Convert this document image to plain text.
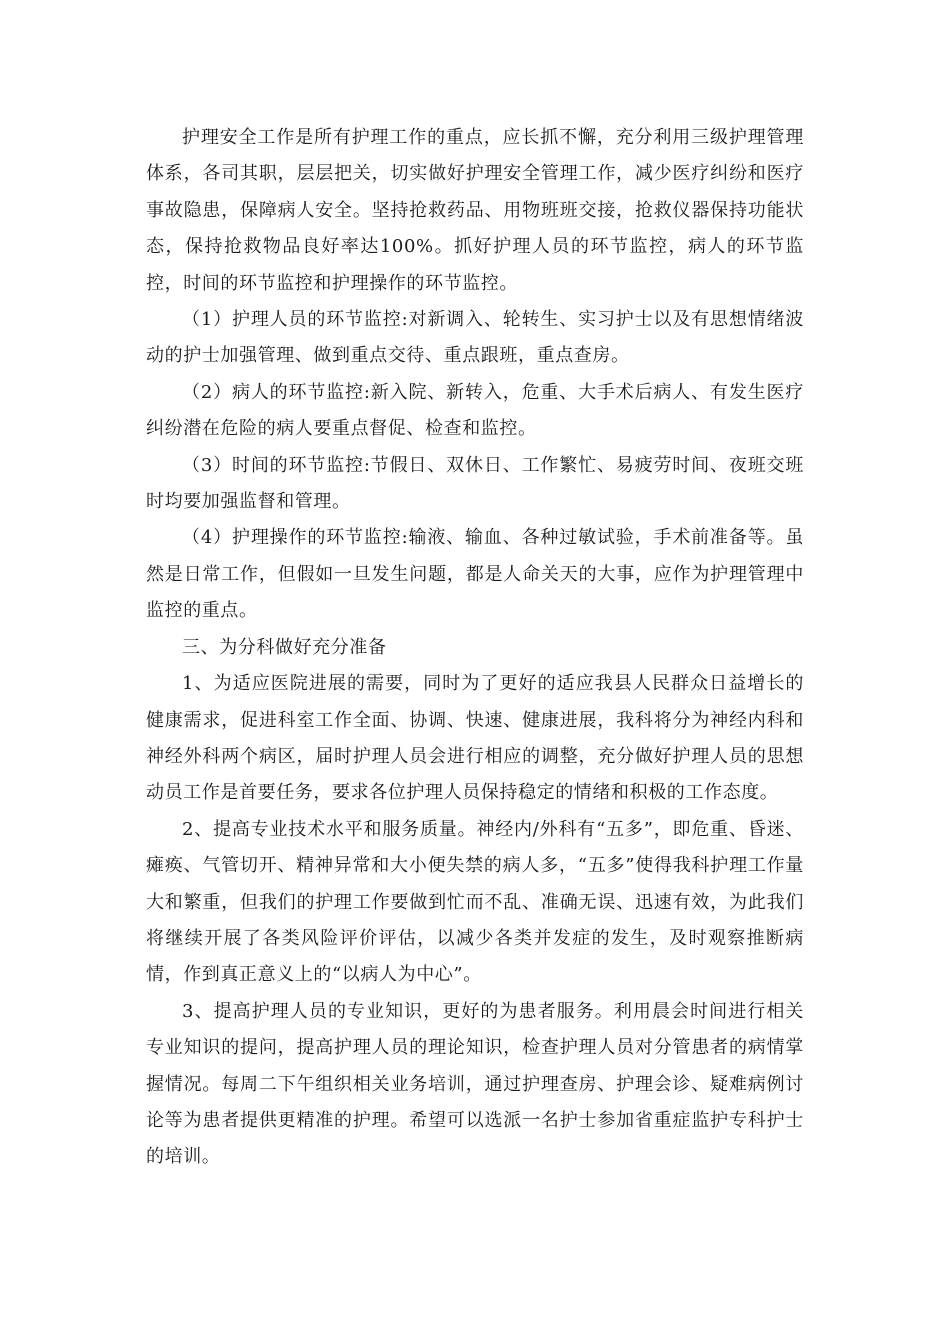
护理安全工作是所有护理工作的重点，应长抓不懈，充分利用三级护理管理体系，各司其职，层层把关，切实做好护理安全管理工作，减少医疗纠纷和医疗事故隐患，保障病人安全。坚持抢救药品、用物班班交接，抢救仪器保持功能状态，保持抢救物品良好率达100%。抓好护理人员的环节监控，病人的环节监控，时间的环节监控和护理操作的环节监控。

（1）护理人员的环节监控:对新调入、轮转生、实习护士以及有思想情绪波动的护士加强管理、做到重点交待、重点跟班，重点查房。

（2）病人的环节监控:新入院、新转入，危重、大手术后病人、有发生医疗纠纷潜在危险的病人要重点督促、检查和监控。

（3）时间的环节监控:节假日、双休日、工作繁忙、易疲劳时间、夜班交班时均要加强监督和管理。

（4）护理操作的环节监控:输液、输血、各种过敏试验，手术前准备等。虽然是日常工作，但假如一旦发生问题，都是人命关天的大事，应作为护理管理中监控的重点。

三、为分科做好充分准备

1、为适应医院进展的需要，同时为了更好的适应我县人民群众日益增长的健康需求，促进科室工作全面、协调、快速、健康进展，我科将分为神经内科和神经外科两个病区，届时护理人员会进行相应的调整，充分做好护理人员的思想动员工作是首要任务，要求各位护理人员保持稳定的情绪和积极的工作态度。

2、提高专业技术水平和服务质量。神经内/外科有“五多”，即危重、昏迷、瘫痪、气管切开、精神异常和大小便失禁的病人多，“五多”使得我科护理工作量大和繁重，但我们的护理工作要做到忙而不乱、准确无误、迅速有效，为此我们将继续开展了各类风险评价评估，以减少各类并发症的发生，及时观察推断病情，作到真正意义上的“以病人为中心”。

3、提高护理人员的专业知识，更好的为患者服务。利用晨会时间进行相关专业知识的提问，提高护理人员的理论知识，检查护理人员对分管患者的病情掌握情况。每周二下午组织相关业务培训，通过护理查房、护理会诊、疑难病例讨论等为患者提供更精准的护理。希望可以选派一名护士参加省重症监护专科护士的培训。
